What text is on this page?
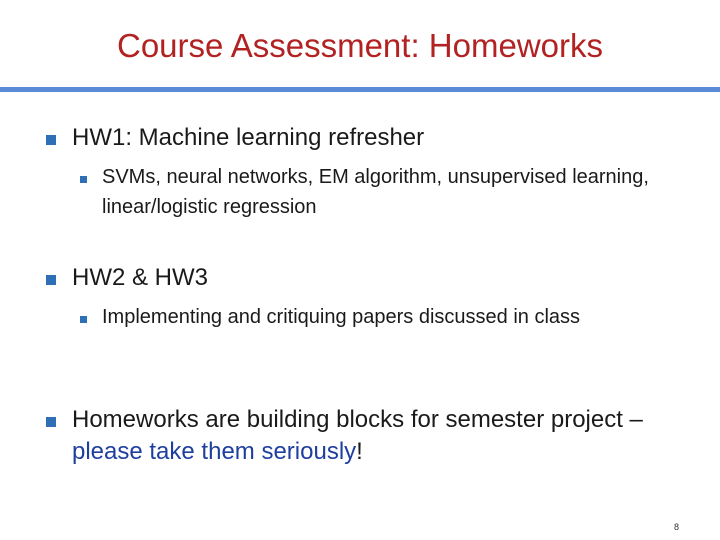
Course Assessment: Homeworks
HW1: Machine learning refresher
SVMs, neural networks, EM algorithm, unsupervised learning, linear/logistic regression
HW2 & HW3
Implementing and critiquing papers discussed in class
Homeworks are building blocks for semester project – please take them seriously!
8
